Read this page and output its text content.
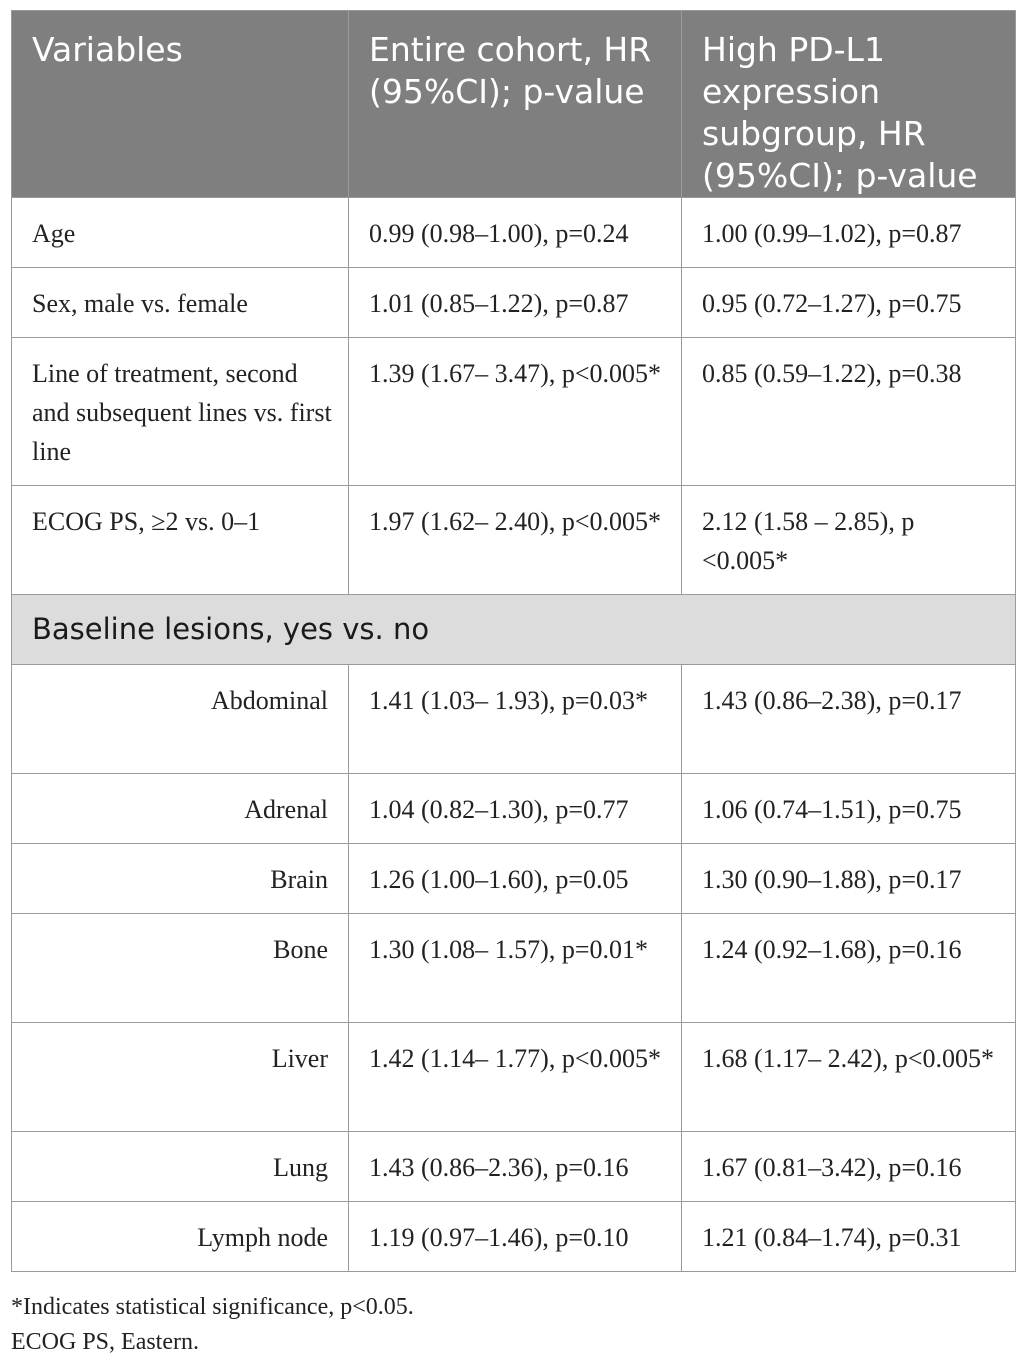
Variables	Entire cohort, HR (95%CI); p-value	High PD-L1 expression subgroup, HR (95%CI); p-value
Age	0.99 (0.98–1.00), p=0.24	1.00 (0.99–1.02), p=0.87
Sex, male vs. female	1.01 (0.85–1.22), p=0.87	0.95 (0.72–1.27), p=0.75
Line of treatment, second and subsequent lines vs. first line	1.39 (1.67– 3.47), p<0.005*	0.85 (0.59–1.22), p=0.38
ECOG PS, ≥2 vs. 0–1	1.97 (1.62– 2.40), p<0.005*	2.12 (1.58 – 2.85), p <0.005*
Baseline lesions, yes vs. no		
Abdominal	1.41 (1.03– 1.93), p=0.03*	1.43 (0.86–2.38), p=0.17
Adrenal	1.04 (0.82–1.30), p=0.77	1.06 (0.74–1.51), p=0.75
Brain	1.26 (1.00–1.60), p=0.05	1.30 (0.90–1.88), p=0.17
Bone	1.30 (1.08– 1.57), p=0.01*	1.24 (0.92–1.68), p=0.16
Liver	1.42 (1.14– 1.77), p<0.005*	1.68 (1.17– 2.42), p<0.005*
Lung	1.43 (0.86–2.36), p=0.16	1.67 (0.81–3.42), p=0.16
Lymph node	1.19 (0.97–1.46), p=0.10	1.21 (0.84–1.74), p=0.31
*Indicates statistical significance, p<0.05.
ECOG PS, Eastern.
